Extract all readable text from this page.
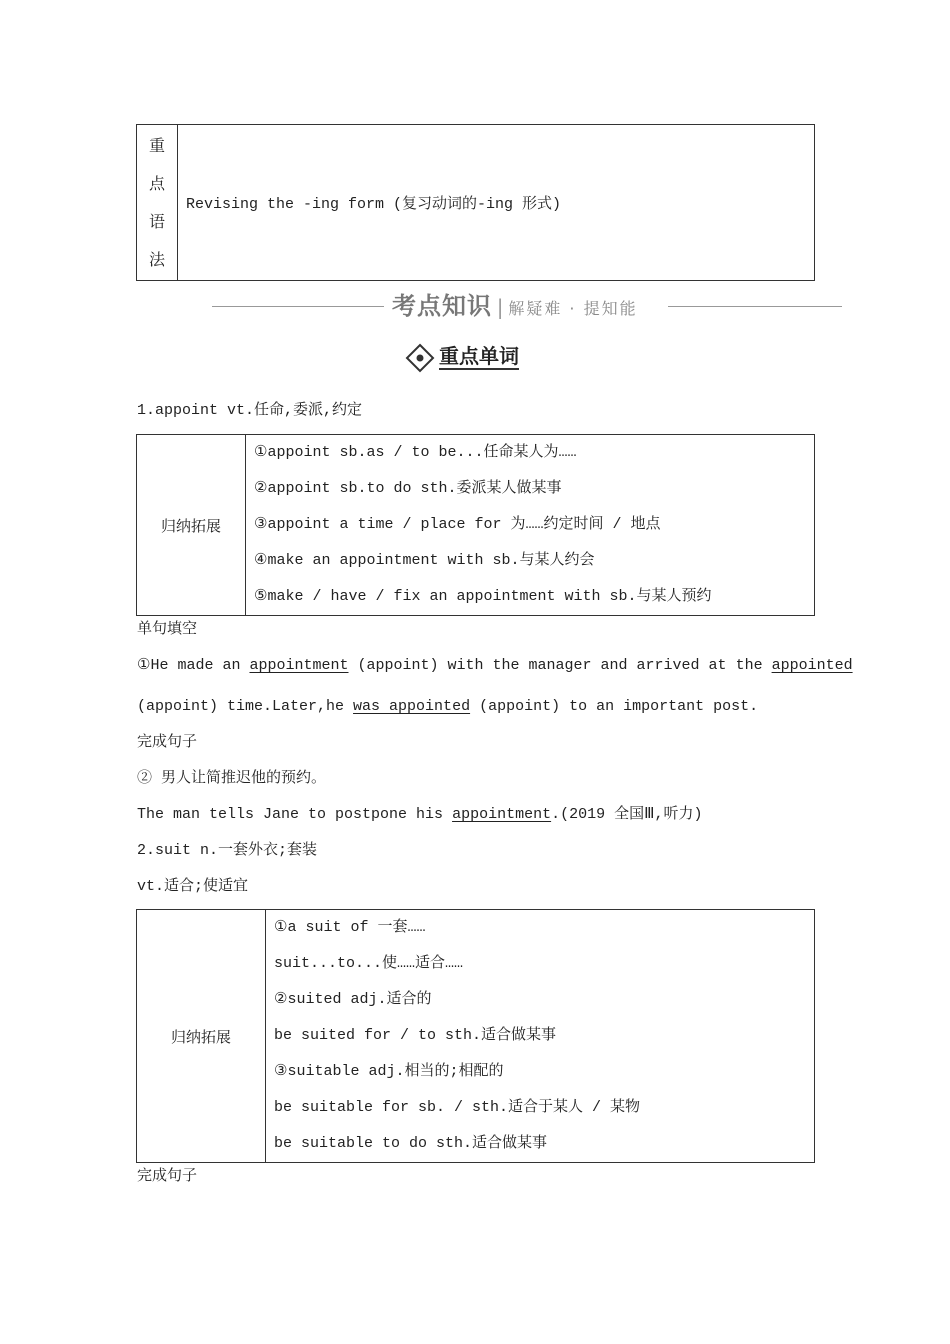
重
点
语
法
	Revising the -ing form (复习动词的-ing 形式)
考点知识 | 解疑难 · 提知能
重点单词
1.appoint vt.任命,委派,约定
归纳拓展	
①appoint sb.as / to be...任命某人为……
②appoint sb.to do sth.委派某人做某事
③appoint a time / place for 为……约定时间 / 地点
④make an appointment with sb.与某人约会
⑤make / have / fix an appointment with sb.与某人预约
单句填空
①He made an appointment (appoint) with the manager and arrived at the appointed
(appoint) time.Later,he was appointed (appoint) to an important post.
完成句子
② 男人让简推迟他的预约。
The man tells Jane to postpone his appointment.(2019 全国Ⅲ,听力)
2.suit n.一套外衣;套装
vt.适合;使适宜
归纳拓展	
①a suit of 一套……
suit...to...使……适合……
②suited adj.适合的
be suited for / to sth.适合做某事
③suitable adj.相当的;相配的
be suitable for sb. / sth.适合于某人 / 某物
be suitable to do sth.适合做某事
完成句子
